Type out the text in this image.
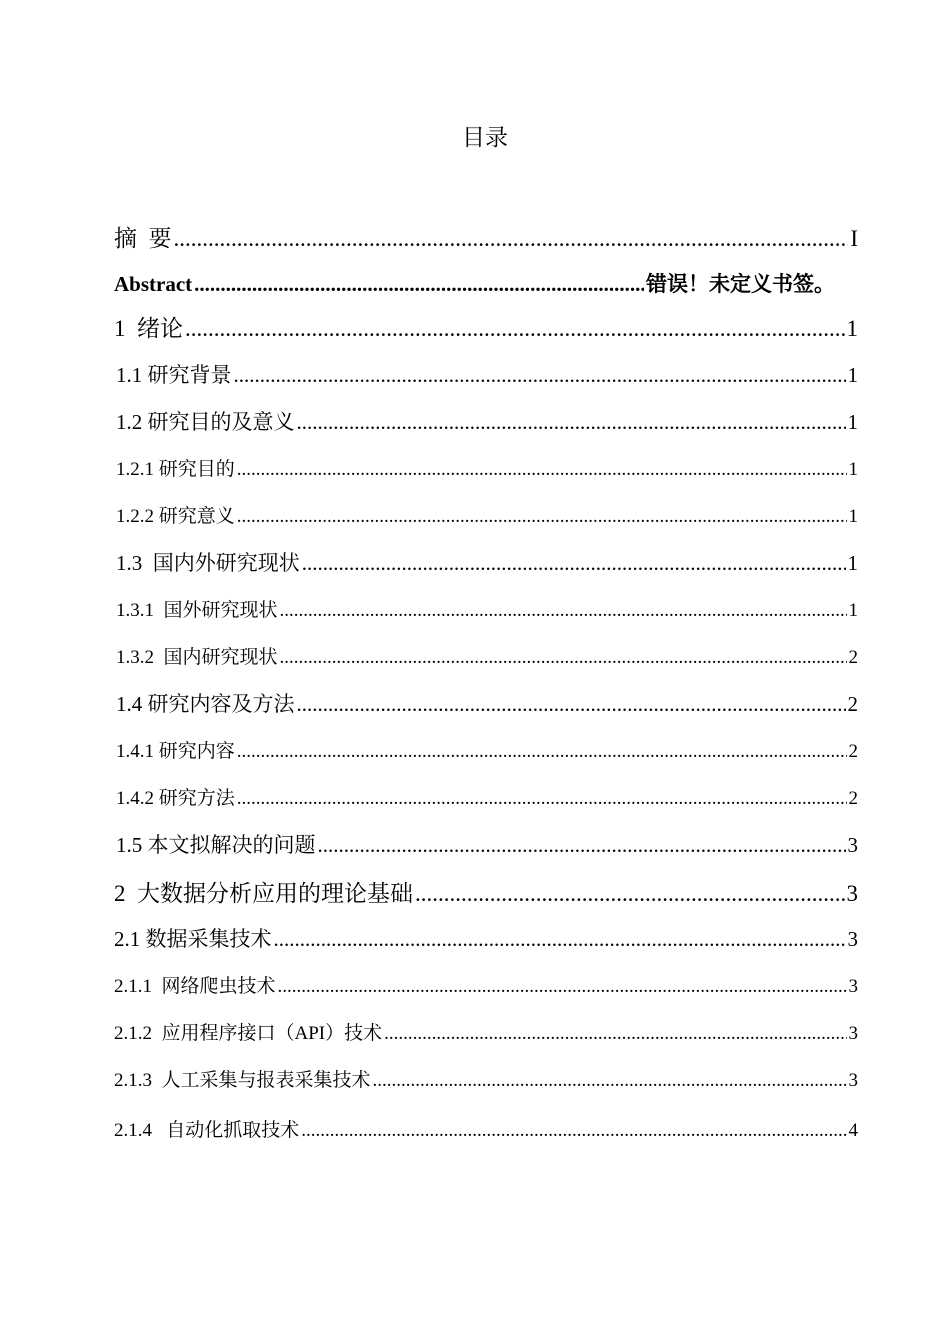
目录
摘  要 .....	I
Abstract .....	错误！未定义书签。
1  绪论 .....	1
1.1 研究背景 .....	1
1.2 研究目的及意义 .....	1
1.2.1 研究目的 .....	1
1.2.2 研究意义 .....	1
1.3  国内外研究现状 .....	1
1.3.1  国外研究现状 .....	1
1.3.2  国内研究现状 .....	2
1.4 研究内容及方法 .....	2
1.4.1 研究内容 .....	2
1.4.2 研究方法 .....	2
1.5 本文拟解决的问题 .....	3
2  大数据分析应用的理论基础 .....	3
2.1 数据采集技术 .....	3
2.1.1  网络爬虫技术 .....	3
2.1.2  应用程序接口（API）技术 .....	3
2.1.3  人工采集与报表采集技术 .....	3
2.1.4   自动化抓取技术 .....	4
